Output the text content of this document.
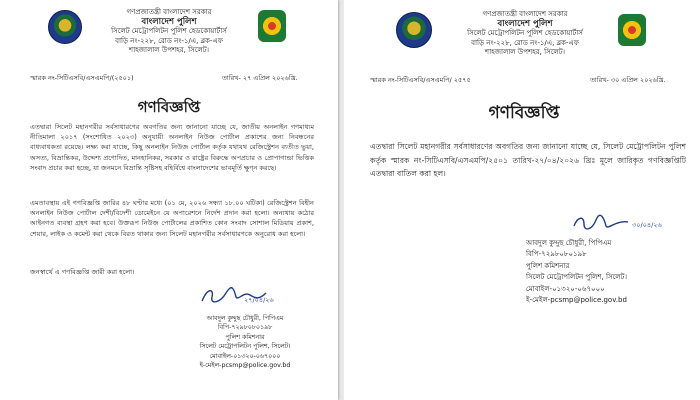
গণপ্রজাতন্ত্রী বাংলাদেশ সরকার
বাংলাদেশ পুলিশ
সিলেট মেট্রোপলিটন পুলিশ হেডকোয়ার্টার্স
বাড়ি নং-২২৮, রোড নং-১/এ, ব্লক-এফ
শাহজালাল উপশহর, সিলেট।
স্মারক নং-সিটিএসবি/এসএমপি/(২৫০১)	তারিখ- ২৭ এপ্রিল ২০২৬খ্রি.
গণবিজ্ঞপ্তি

এতদ্বারা সিলেট মহানগরীর সর্বসাধারণের অবগতির জন্য জানানো যাচ্ছে যে, জাতীয় অনলাইন গণমাধ্যম নীতিমালা ২০১৭ (সংশোধিত ২০২৩) অনুযায়ী অনলাইন নিউজ পোর্টাল প্রকাশের জন্য নিবন্ধনের বাধ্যবাধকতা রয়েছে। লক্ষ্য করা যাচ্ছে, কিছু অনলাইন নিউজ পোর্টাল কর্তৃক যথাযথ রেজিস্ট্রেশন ব্যতীত ভুয়া, অসত্য, বিভ্রান্তিকর, উদ্দেশ্য প্রণোদিত, মানহানিকর, সরকার ও রাষ্ট্রের বিরুদ্ধে অপপ্রচার ও প্রোপাগান্ডা ভিত্তিক সংবাদ প্রচার করা হচ্ছে, যা জনমনে বিভ্রান্তি সৃষ্টিসহ বহির্বিশ্বে বাংলাদেশের ভাবমূর্তি ক্ষুণ্ন করছে।

এমতাবস্থায় এই গণবিজ্ঞপ্তি জারির ৪৮ ঘণ্টার মধ্যে (০১ মে, ২০২৬ সন্ধ্যা ১৮.০০ ঘটিকা) রেজিস্ট্রেশন বিহীন অনলাইন নিউজ পোর্টাল দেশী/বিদেশী ডোমেইনে যে অপারেশনে নির্দেশ প্রদান করা হলো। অন্যথায় কঠোর আইনগত ব্যবস্থা গ্রহণ করা হবে। উক্তরূপ নিউজ পোর্টালের প্রকাশিত কোন সংবাদ সোশাল মিডিয়ায় প্রকাশ, শেয়ার, লাইক ও কমেন্ট করা থেকে বিরত থাকার জন্য সিলেট মহানগরীর সর্বসাধারণকে অনুরোধ করা হলো।

জনস্বার্থে এ গণবিজ্ঞপ্তি জারী করা হলো।

২৭/০৪/২৬
আবদুল কুদ্দুছ চৌধুরী, পিপিএম
বিপি-৭২৯৮০৮০১৯৮
পুলিশ কমিশনার
সিলেট মেট্রোপলিটন পুলিশ, সিলেট।
মোবাইল-০১৩২০-০৬৭০০০
ই-মেইল-pcsmp@police.gov.bd
গণপ্রজাতন্ত্রী বাংলাদেশ সরকার
বাংলাদেশ পুলিশ
সিলেট মেট্রোপলিটন পুলিশ হেডকোয়ার্টার্স
বাড়ি নং-২২৮, রোড নং-১/এ, ব্লক-এফ
শাহজালাল উপশহর, সিলেট।
স্মারক নং-সিটিএসবি/এসএমপি/ ২৫৭৫	তারিখ- ৩০ এপ্রিল ২০২৬খ্রি.
গণবিজ্ঞপ্তি

এতদ্বারা সিলেট মহানগরীর সর্বসাধারণের অবগতির জন্য জানানো যাচ্ছে যে, সিলেট মেট্রোপলিটন পুলিশ কর্তৃক স্মারক নং-সিটিএসবি/এসএমপি/২৫০১ তারিখ-২৭/০৪/২০২৬ খ্রিঃ মূলে জারিকৃত গণবিজ্ঞপ্তিটি এতদ্বারা বাতিল করা হল।

৩০/০৪/২৬
আবদুল কুদ্দুছ চৌধুরী, পিপিএম
বিপি-৭২৯৮০৮০১৯৮
পুলিশ কমিশনার
সিলেট মেট্রোপলিটন পুলিশ, সিলেট।
মোবাইল-০১৩২০-০৬৭০০০
ই-মেইল-pcsmp@police.gov.bd
